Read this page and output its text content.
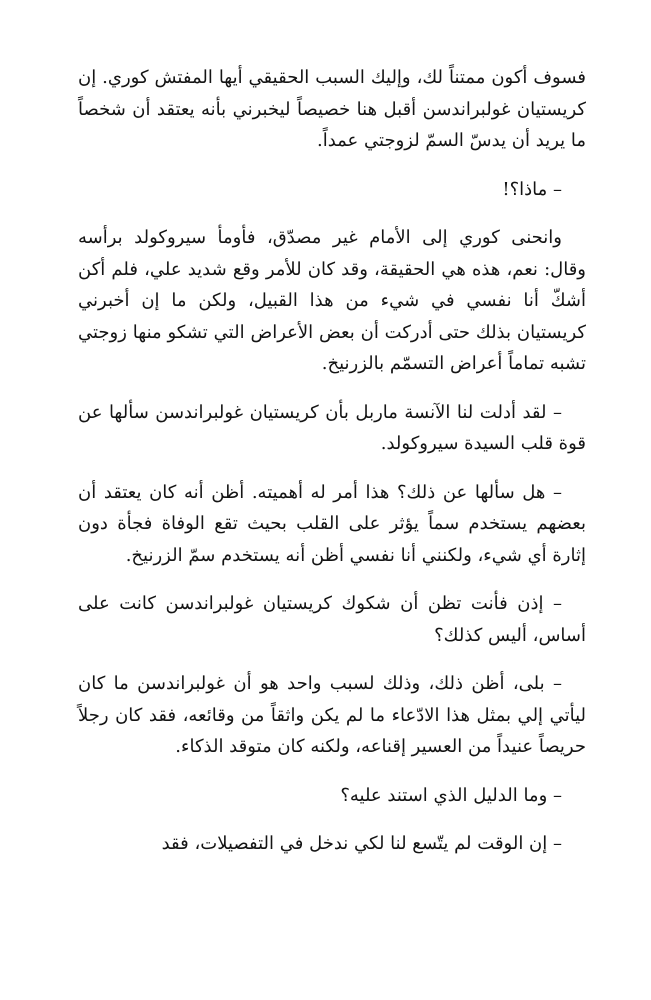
فسوف أكون ممتناً لك، وإليك السبب الحقيقي أيها المفتش كوري. إن كريستيان غولبراندسن أقبل هنا خصيصاً ليخبرني بأنه يعتقد أن شخصاً ما يريد أن يدسّ السمّ لزوجتي عمداً.

– ماذا؟!

وانحنى كوري إلى الأمام غير مصدّق، فأومأ سيروكولد برأسه وقال: نعم، هذه هي الحقيقة، وقد كان للأمر وقع شديد علي، فلم أكن أشكّ أنا نفسي في شيء من هذا القبيل، ولكن ما إن أخبرني كريستيان بذلك حتى أدركت أن بعض الأعراض التي تشكو منها زوجتي تشبه تماماً أعراض التسمّم بالزرنيخ.

– لقد أدلت لنا الآنسة ماربل بأن كريستيان غولبراندسن سألها عن قوة قلب السيدة سيروكولد.

– هل سألها عن ذلك؟ هذا أمر له أهميته. أظن أنه كان يعتقد أن بعضهم يستخدم سماً يؤثر على القلب بحيث تقع الوفاة فجأة دون إثارة أي شيء، ولكنني أنا نفسي أظن أنه يستخدم سمّ الزرنيخ.

– إذن فأنت تظن أن شكوك كريستيان غولبراندسن كانت على أساس، أليس كذلك؟

– بلى، أظن ذلك، وذلك لسبب واحد هو أن غولبراندسن ما كان ليأتي إلي بمثل هذا الادّعاء ما لم يكن واثقاً من وقائعه، فقد كان رجلاً حريصاً عنيداً من العسير إقناعه، ولكنه كان متوقد الذكاء.

– وما الدليل الذي استند عليه؟

– إن الوقت لم يتّسع لنا لكي ندخل في التفصيلات، فقد
